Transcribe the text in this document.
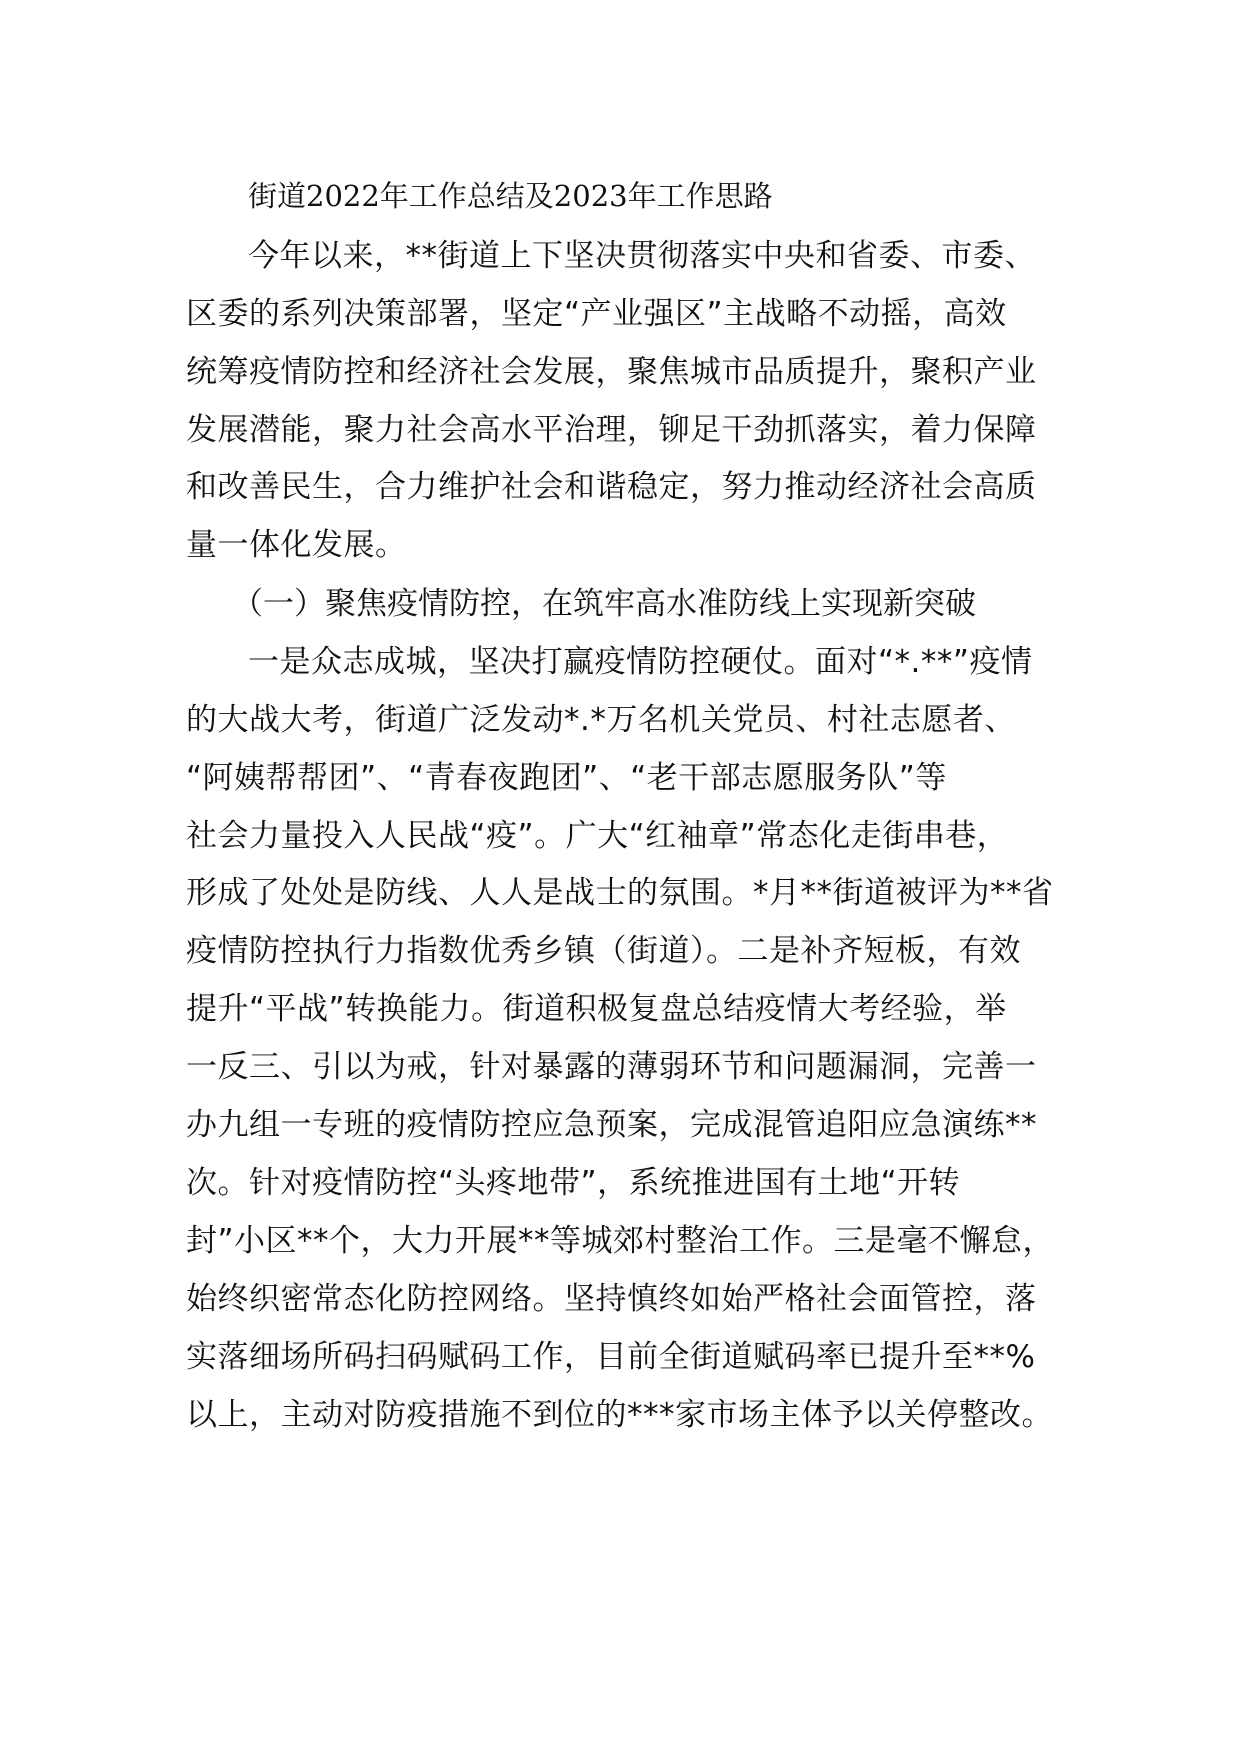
街道2022年工作总结及2023年工作思路
今年以来，**街道上下坚决贯彻落实中央和省委、市委、
区委的系列决策部署，坚定“产业强区”主战略不动摇，高效
统筹疫情防控和经济社会发展，聚焦城市品质提升，聚积产业
发展潜能，聚力社会高水平治理，铆足干劲抓落实，着力保障
和改善民生，合力维护社会和谐稳定，努力推动经济社会高质
量一体化发展。
（一）聚焦疫情防控，在筑牢高水准防线上实现新突破
一是众志成城，坚决打赢疫情防控硬仗。面对“*.**”疫情
的大战大考，街道广泛发动*.*万名机关党员、村社志愿者、
“阿姨帮帮团”、“青春夜跑团”、“老干部志愿服务队”等
社会力量投入人民战“疫”。广大“红袖章”常态化走街串巷，
形成了处处是防线、人人是战士的氛围。*月**街道被评为**省
疫情防控执行力指数优秀乡镇（街道）。二是补齐短板，有效
提升“平战”转换能力。街道积极复盘总结疫情大考经验，举
一反三、引以为戒，针对暴露的薄弱环节和问题漏洞，完善一
办九组一专班的疫情防控应急预案，完成混管追阳应急演练**
次。针对疫情防控“头疼地带”，系统推进国有土地“开转
封”小区**个，大力开展**等城郊村整治工作。三是毫不懈怠，
始终织密常态化防控网络。坚持慎终如始严格社会面管控，落
实落细场所码扫码赋码工作，目前全街道赋码率已提升至**%
以上，主动对防疫措施不到位的***家市场主体予以关停整改。
